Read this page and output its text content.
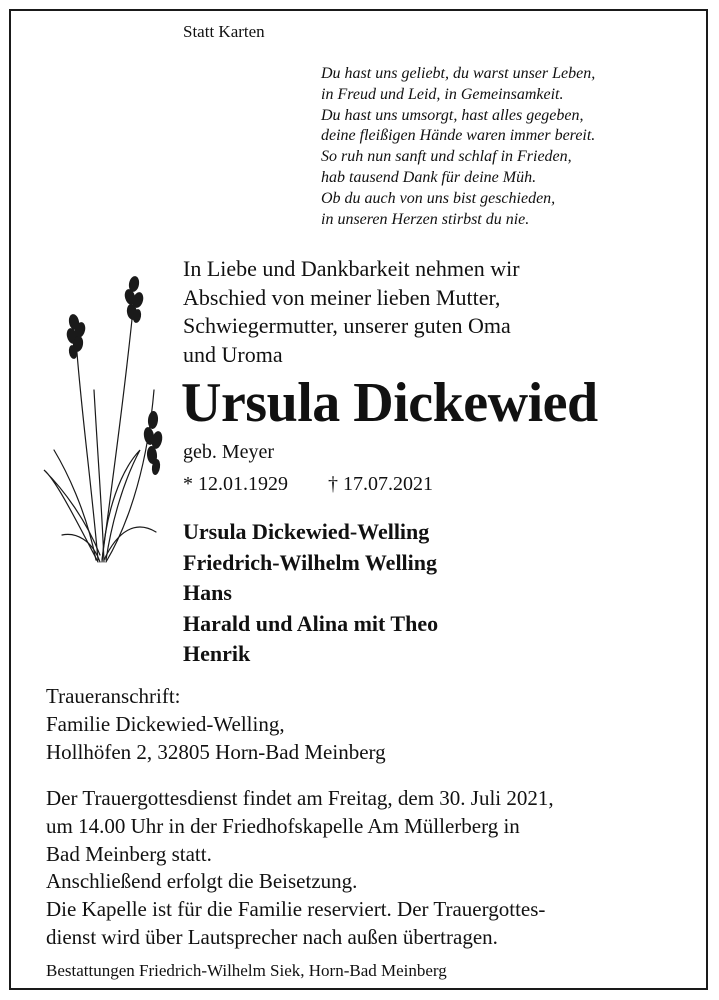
Statt Karten
Du hast uns geliebt, du warst unser Leben,
in Freud und Leid, in Gemeinsamkeit.
Du hast uns umsorgt, hast alles gegeben,
deine fleißigen Hände waren immer bereit.
So ruh nun sanft und schlaf in Frieden,
hab tausend Dank für deine Müh.
Ob du auch von uns bist geschieden,
in unseren Herzen stirbst du nie.
In Liebe und Dankbarkeit nehmen wir
Abschied von meiner lieben Mutter,
Schwiegermutter, unserer guten Oma
und Uroma
Ursula Dickewied
geb. Meyer
* 12.01.1929 † 17.07.2021
Ursula Dickewied-Welling
Friedrich-Wilhelm Welling
Hans
Harald und Alina mit Theo
Henrik
Traueranschrift:
Familie Dickewied-Welling,
Hollhöfen 2, 32805 Horn-Bad Meinberg
Der Trauergottesdienst findet am Freitag, dem 30. Juli 2021,
um 14.00 Uhr in der Friedhofskapelle Am Müllerberg in
Bad Meinberg statt.
Anschließend erfolgt die Beisetzung.
Die Kapelle ist für die Familie reserviert. Der Trauergottes-
dienst wird über Lautsprecher nach außen übertragen.
Bestattungen Friedrich-Wilhelm Siek, Horn-Bad Meinberg
